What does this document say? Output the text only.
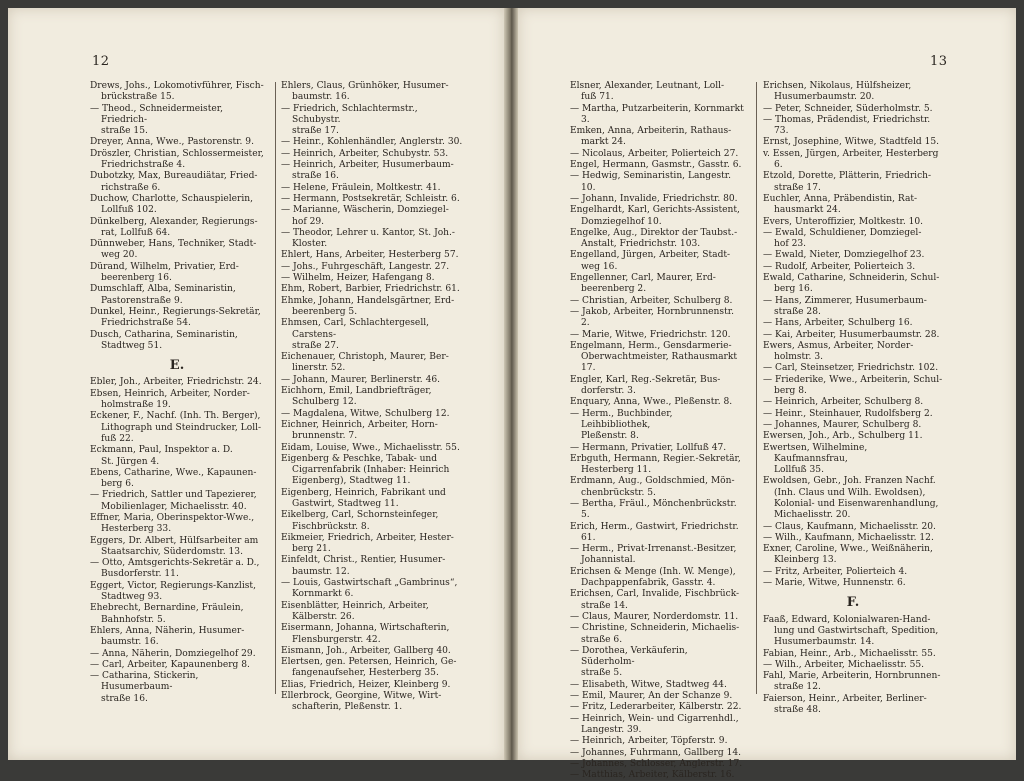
12

Drews, Johs., Lokomotivführer, Fisch-
brückstraße 15.

— Theod., Schneidermeister, Friedrich-
straße 15.

Dreyer, Anna, Wwe., Pastorenstr. 9.

Dröszler, Christian, Schlossermeister,
Friedrichstraße 4.

Dubotzky, Max, Bureaudiätar, Fried-
richstraße 6.

Duchow, Charlotte, Schauspielerin,
Lollfuß 102.

Dünkelberg, Alexander, Regierungs-
rat, Lollfuß 64.

Dünnweber, Hans, Techniker, Stadt-
weg 20.

Dürand, Wilhelm, Privatier, Erd-
beerenberg 16.

Dumschlaff, Alba, Seminaristin,
Pastorenstraße 9.

Dunkel, Heinr., Regierungs-Sekretär,
Friedrichstraße 54.

Dusch, Catharina, Seminaristin,
Stadtweg 51.

E.

Ebler, Joh., Arbeiter, Friedrichstr. 24.

Ebsen, Heinrich, Arbeiter, Norder-
holmstraße 19.

Eckener, F., Nachf. (Inh. Th. Berger),
Lithograph und Steindrucker, Loll-
fuß 22.

Eckmann, Paul, Inspektor a. D.
St. Jürgen 4.

Ebens, Catharine, Wwe., Kapaunen-
berg 6.

— Friedrich, Sattler und Tapezierer,
Mobilienlager, Michaelisstr. 40.

Effner, Maria, Oberinspektor-Wwe.,
Hesterberg 33.

Eggers, Dr. Albert, Hülfsarbeiter am
Staatsarchiv, Süderdomstr. 13.

— Otto, Amtsgerichts-Sekretär a. D.,
Busdorferstr. 11.

Eggert, Victor, Regierungs-Kanzlist,
Stadtweg 93.

Ehebrecht, Bernardine, Fräulein,
Bahnhofstr. 5.

Ehlers, Anna, Näherin, Husumer-
baumstr. 16.

— Anna, Näherin, Domziegelhof 29.

— Carl, Arbeiter, Kapaunenberg 8.

— Catharina, Stickerin, Husumerbaum-
straße 16.

Ehlers, Claus, Grünhöker, Husumer-
baumstr. 16.

— Friedrich, Schlachtermstr., Schubystr.
straße 17.

— Heinr., Kohlenhändler, Anglerstr. 30.

— Heinrich, Arbeiter, Schubystr. 53.

— Heinrich, Arbeiter, Husumerbaum-
straße 16.

— Helene, Fräulein, Moltkestr. 41.

— Hermann, Postsekretär, Schleistr. 6.

— Marianne, Wäscherin, Domziegel-
hof 29.

— Theodor, Lehrer u. Kantor, St. Joh.-
Kloster.

Ehlert, Hans, Arbeiter, Hesterberg 57.

— Johs., Fuhrgeschäft, Langestr. 27.

— Wilhelm, Heizer, Hafengang 8.

Ehm, Robert, Barbier, Friedrichstr. 61.

Ehmke, Johann, Handelsgärtner, Erd-
beerenberg 5.

Ehmsen, Carl, Schlachtergesell, Carstens-
straße 27.

Eichenauer, Christoph, Maurer, Ber-
linerstr. 52.

— Johann, Maurer, Berlinerstr. 46.

Eichhorn, Emil, Landbriefträger,
Schulberg 12.

— Magdalena, Witwe, Schulberg 12.

Eichner, Heinrich, Arbeiter, Horn-
brunnenstr. 7.

Eidam, Louise, Wwe., Michaelisstr. 55.

Eigenberg & Peschke, Tabak- und
Cigarrenfabrik (Inhaber: Heinrich
Eigenberg), Stadtweg 11.

Eigenberg, Heinrich, Fabrikant und
Gastwirt, Stadtweg 11.

Eikelberg, Carl, Schornsteinfeger,
Fischbrückstr. 8.

Eikmeier, Friedrich, Arbeiter, Hester-
berg 21.

Einfeldt, Christ., Rentier, Husumer-
baumstr. 12.

— Louis, Gastwirtschaft „Gambrinus“,
Kornmarkt 6.

Eisenblätter, Heinrich, Arbeiter,
Kälberstr. 26.

Eisermann, Johanna, Wirtschafterin,
Flensburgerstr. 42.

Eismann, Joh., Arbeiter, Gallberg 40.

Elertsen, gen. Petersen, Heinrich, Ge-
fangenaufseher, Hesterberg 35.

Elias, Friedrich, Heizer, Kleinberg 9.

Ellerbrock, Georgine, Witwe, Wirt-
schafterin, Pleßenstr. 1.

13

Elsner, Alexander, Leutnant, Loll-
fuß 71.

— Martha, Putzarbeiterin, Kornmarkt 3.

Emken, Anna, Arbeiterin, Rathaus-
markt 24.

— Nicolaus, Arbeiter, Polierteich 27.

Engel, Hermann, Gasmstr., Gasstr. 6.

— Hedwig, Seminaristin, Langestr. 10.

— Johann, Invalide, Friedrichstr. 80.

Engelhardt, Karl, Gerichts-Assistent,
Domziegelhof 10.

Engelke, Aug., Direktor der Taubst.-
Anstalt, Friedrichstr. 103.

Engelland, Jürgen, Arbeiter, Stadt-
weg 16.

Engellenner, Carl, Maurer, Erd-
beerenberg 2.

— Christian, Arbeiter, Schulberg 8.

— Jakob, Arbeiter, Hornbrunnenstr. 2.

— Marie, Witwe, Friedrichstr. 120.

Engelmann, Herm., Gensdarmerie-
Oberwachtmeister, Rathausmarkt 17.

Engler, Karl, Reg.-Sekretär, Bus-
dorferstr. 3.

Enquary, Anna, Wwe., Pleßenstr. 8.

— Herm., Buchbinder, Leihbibliothek,
Pleßenstr. 8.

— Hermann, Privatier, Lollfuß 47.

Erbguth, Hermann, Regier.-Sekretär,
Hesterberg 11.

Erdmann, Aug., Goldschmied, Mön-
chenbrückstr. 5.

— Bertha, Fräul., Mönchenbrückstr. 5.

Erich, Herm., Gastwirt, Friedrichstr. 61.

— Herm., Privat-Irrenanst.-Besitzer,
Johannistal.

Erichsen & Menge (Inh. W. Menge),
Dachpappenfabrik, Gasstr. 4.

Erichsen, Carl, Invalide, Fischbrück-
straße 14.

— Claus, Maurer, Norderdomstr. 11.

— Christine, Schneiderin, Michaelis-
straße 6.

— Dorothea, Verkäuferin, Süderholm-
straße 5.

— Elisabeth, Witwe, Stadtweg 44.

— Emil, Maurer, An der Schanze 9.

— Fritz, Lederarbeiter, Kälberstr. 22.

— Heinrich, Wein- und Cigarrenhdl.,
Langestr. 39.

— Heinrich, Arbeiter, Töpferstr. 9.

— Johannes, Fuhrmann, Gallberg 14.

— Johannes, Schlosser, Anglerstr. 17.

— Matthias, Arbeiter, Kälberstr. 16.

Erichsen, Nikolaus, Hülfsheizer,
Husumerbaumstr. 20.

— Peter, Schneider, Süderholmstr. 5.

— Thomas, Prädendist, Friedrichstr. 73.

Ernst, Josephine, Witwe, Stadtfeld 15.

v. Essen, Jürgen, Arbeiter, Hesterberg 6.

Etzold, Dorette, Plätterin, Friedrich-
straße 17.

Euchler, Anna, Präbendistin, Rat-
hausmarkt 24.

Evers, Unteroffizier, Moltkestr. 10.

— Ewald, Schuldiener, Domziegel-
hof 23.

— Ewald, Nieter, Domziegelhof 23.

— Rudolf, Arbeiter, Polierteich 3.

Ewald, Catharine, Schneiderin, Schul-
berg 16.

— Hans, Zimmerer, Husumerbaum-
straße 28.

— Hans, Arbeiter, Schulberg 16.

— Kai, Arbeiter, Husumerbaumstr. 28.

Ewers, Asmus, Arbeiter, Norder-
holmstr. 3.

— Carl, Steinsetzer, Friedrichstr. 102.

— Friederike, Wwe., Arbeiterin, Schul-
berg 8.

— Heinrich, Arbeiter, Schulberg 8.

— Heinr., Steinhauer, Rudolfsberg 2.

— Johannes, Maurer, Schulberg 8.

Ewersen, Joh., Arb., Schulberg 11.

Ewertsen, Wilhelmine, Kaufmannsfrau,
Lollfuß 35.

Ewoldsen, Gebr., Joh. Franzen Nachf.
(Inh. Claus und Wilh. Ewoldsen),
Kolonial- und Eisenwarenhandlung,
Michaelisstr. 20.

— Claus, Kaufmann, Michaelisstr. 20.

— Wilh., Kaufmann, Michaelisstr. 12.

Exner, Caroline, Wwe., Weißnäherin,
Kleinberg 13.

— Fritz, Arbeiter, Polierteich 4.

— Marie, Witwe, Hunnenstr. 6.

F.

Faaß, Edward, Kolonialwaren-Hand-
lung und Gastwirtschaft, Spedition,
Husumerbaumstr. 14.

Fabian, Heinr., Arb., Michaelisstr. 55.

— Wilh., Arbeiter, Michaelisstr. 55.

Fahl, Marie, Arbeiterin, Hornbrunnen-
straße 12.

Faierson, Heinr., Arbeiter, Berliner-
straße 48.
